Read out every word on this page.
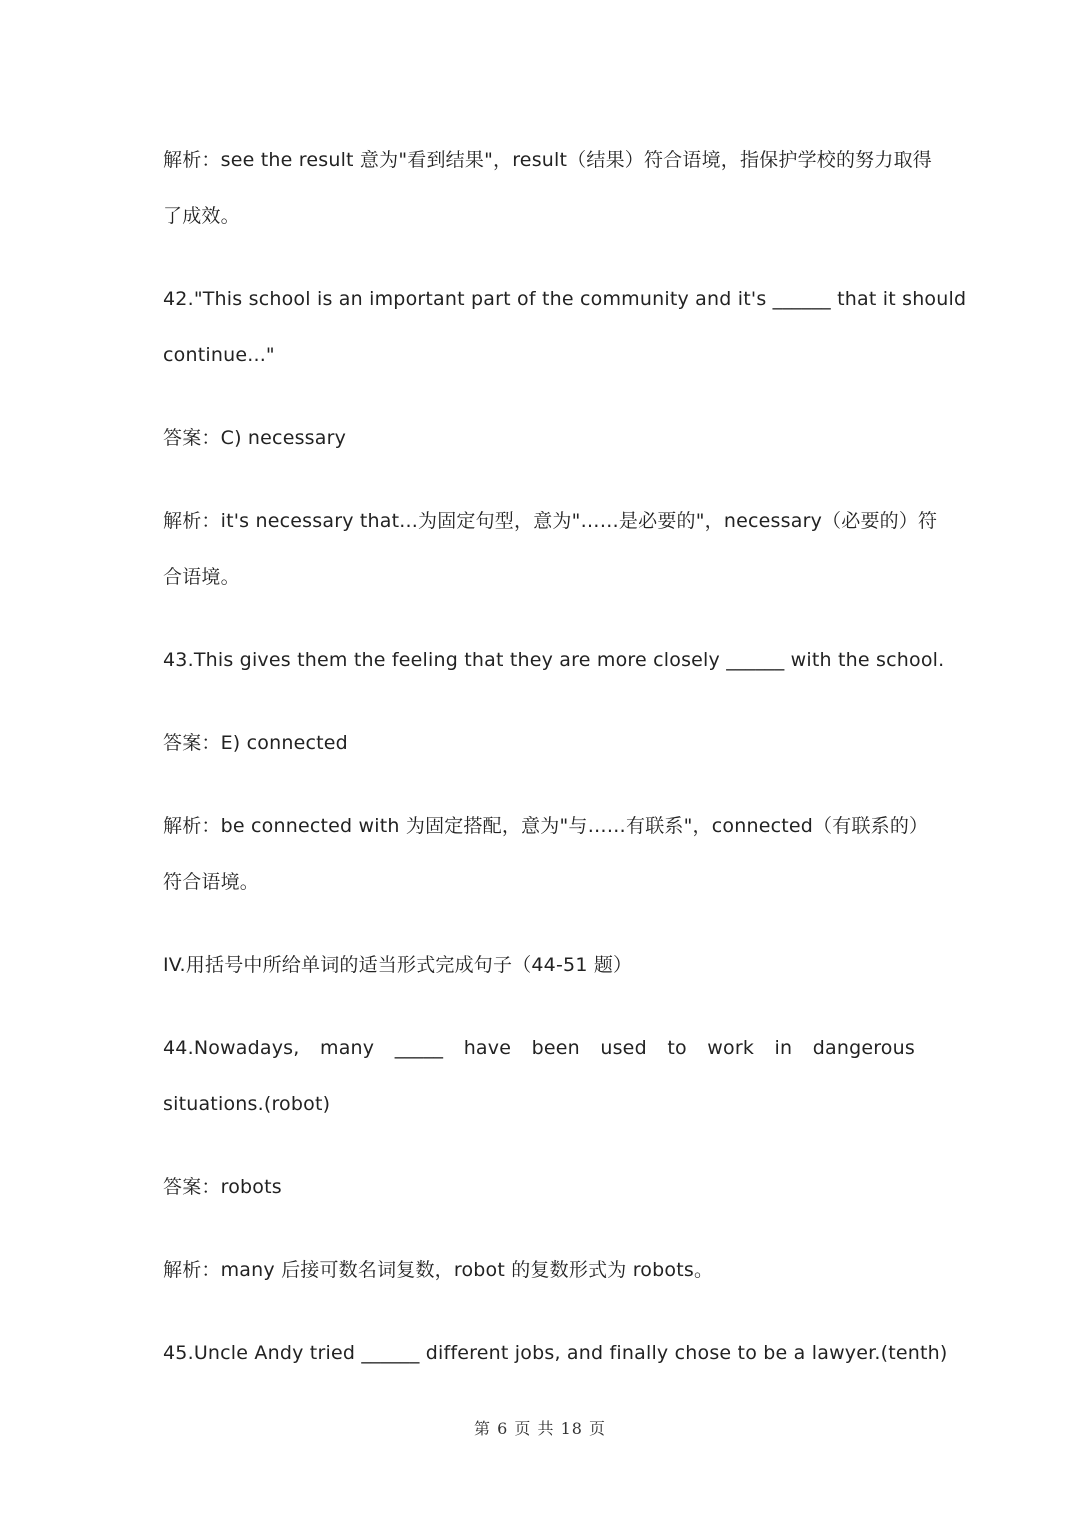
解析：see the result 意为"看到结果"，result（结果）符合语境，指保护学校的努力取得
了成效。
42."This school is an important part of the community and it's ______ that it should
continue..."
答案：C) necessary
解析：it's necessary that...为固定句型，意为"……是必要的"，necessary（必要的）符
合语境。
43.This gives them the feeling that they are more closely ______ with the school.
答案：E) connected
解析：be connected with 为固定搭配，意为"与……有联系"，connected（有联系的）
符合语境。
IV.用括号中所给单词的适当形式完成句子（44-51 题）
44.Nowadays, many _____ have been used to work in dangerous
situations.(robot)
答案：robots
解析：many 后接可数名词复数，robot 的复数形式为 robots。
45.Uncle Andy tried ______ different jobs, and finally chose to be a lawyer.(tenth)
第 6 页 共 18 页
